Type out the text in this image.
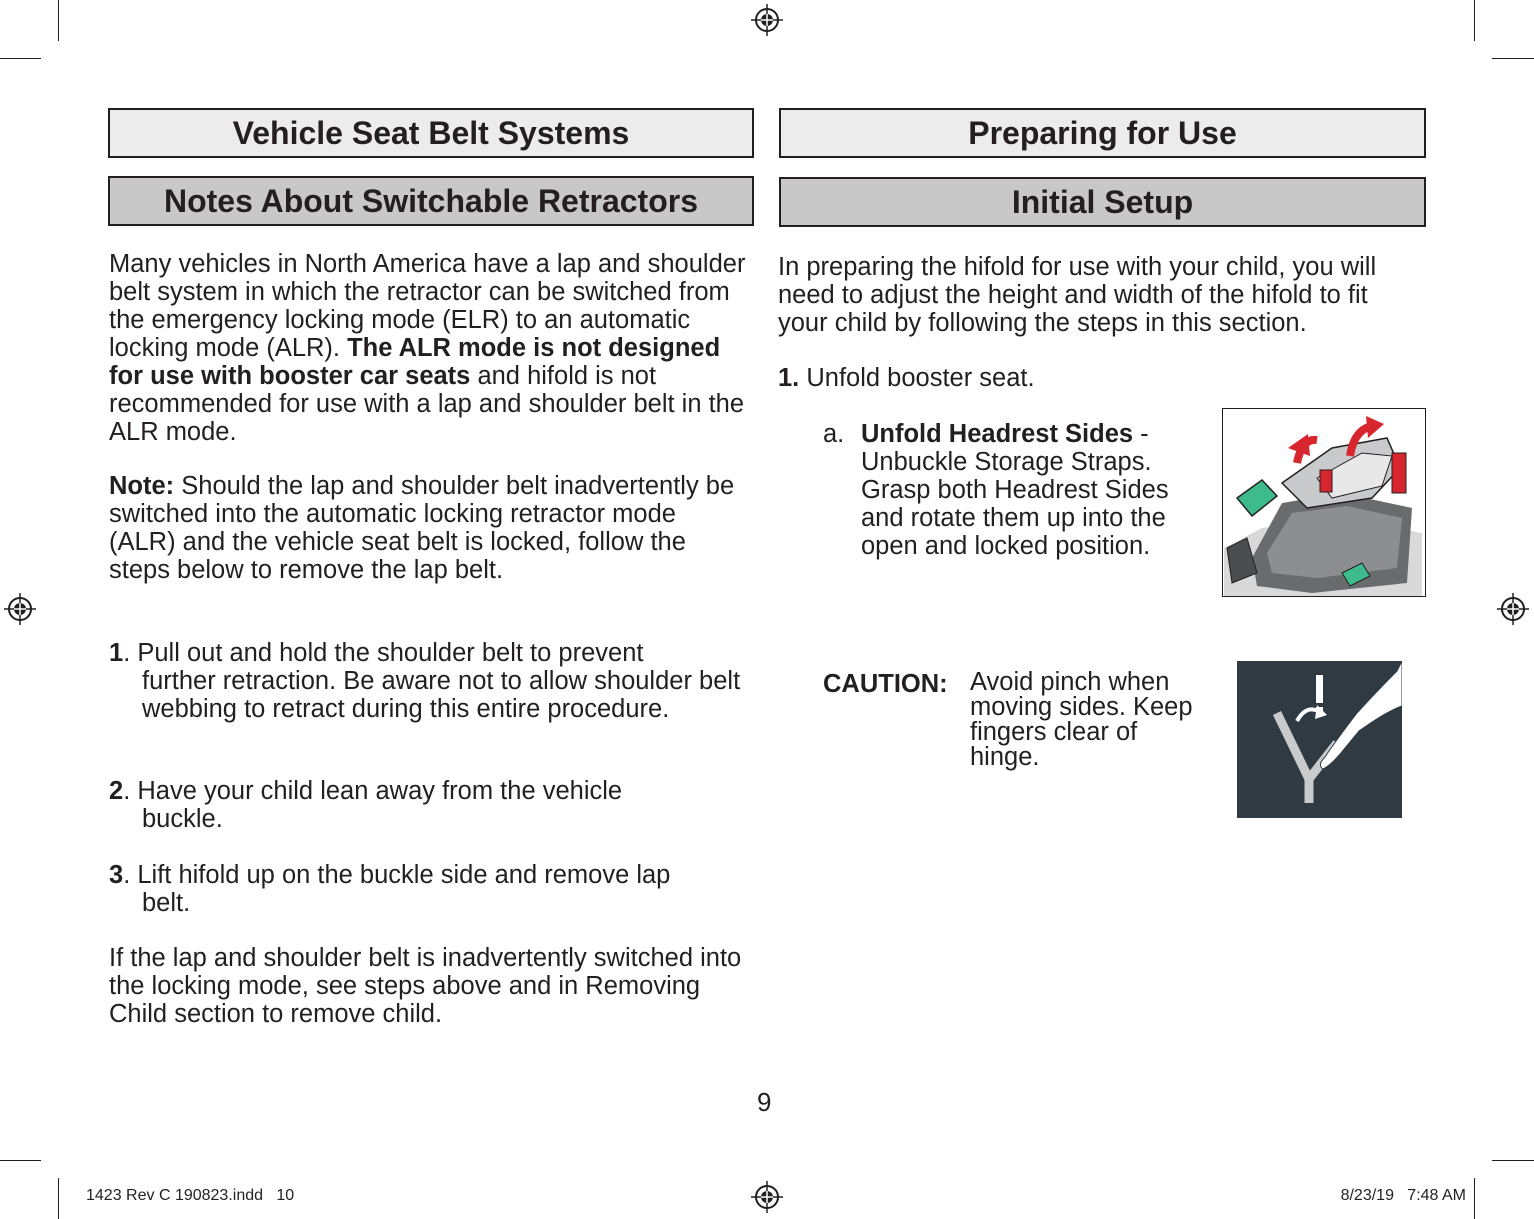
Vehicle Seat Belt Systems
Notes About Switchable Retractors
Many vehicles in North America have a lap and shoulder belt system in which the retractor can be switched from the emergency locking mode (ELR) to an automatic locking mode (ALR). The ALR mode is not designed for use with booster car seats and hifold is not recommended for use with a lap and shoulder belt in the ALR mode.
Note: Should the lap and shoulder belt inadvertently be switched into the automatic locking retractor mode (ALR) and the vehicle seat belt is locked, follow the steps below to remove the lap belt.
1. Pull out and hold the shoulder belt to prevent
further retraction. Be aware not to allow shoulder belt webbing to retract during this entire procedure.
2. Have your child lean away from the vehicle
buckle.
3. Lift hifold up on the buckle side and remove lap
belt.
If the lap and shoulder belt is inadvertently switched into the locking mode, see steps above and in Removing Child section to remove child.
Preparing for Use
Initial Setup
In preparing the hifold for use with your child, you will need to adjust the height and width of the hifold to fit your child by following the steps in this section.
1. Unfold booster seat.
a. Unfold Headrest Sides -
Unbuckle Storage Straps. Grasp both Headrest Sides and rotate them up into the open and locked position.
CAUTION: Avoid pinch when moving sides. Keep fingers clear of hinge.
9
1423 Rev C 190823.indd   10	8/23/19   7:48 AM
